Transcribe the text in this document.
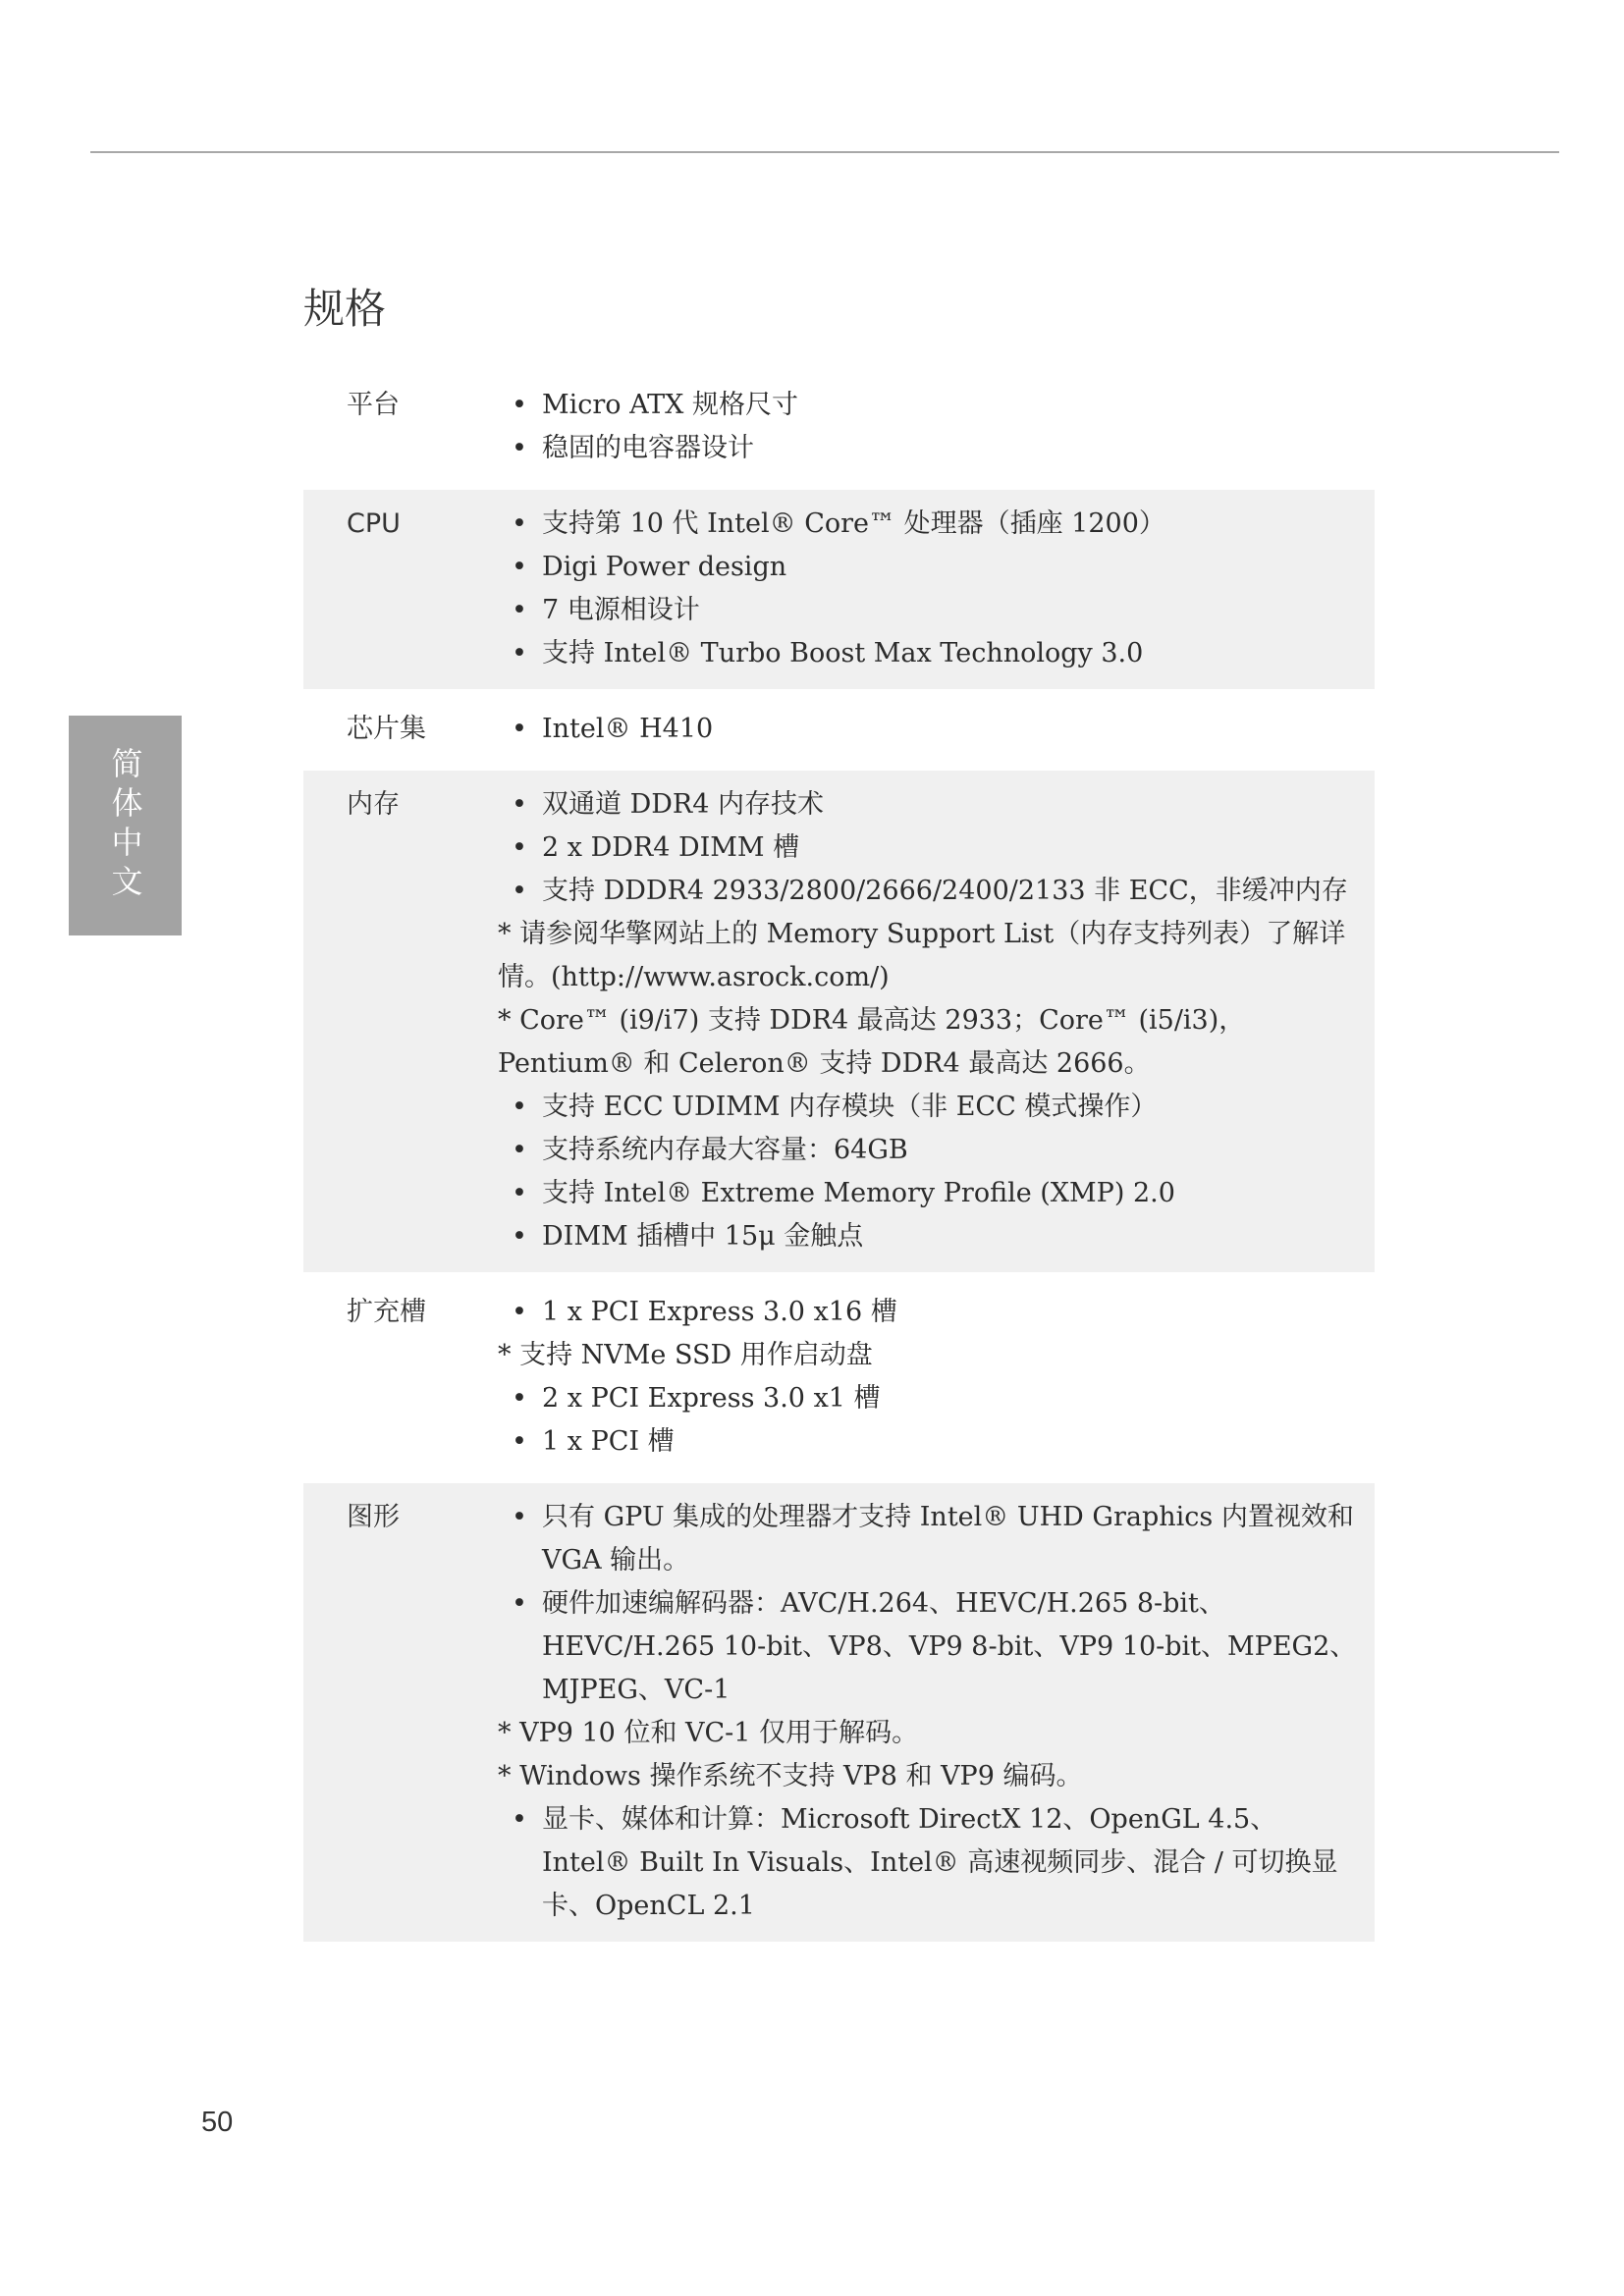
简体中文
规格
平台	• Micro ATX 规格尺寸
• 稳固的电容器设计
CPU	• 支持第 10 代 Intel® Core™ 处理器（插座 1200）
• Digi Power design
• 7 电源相设计
• 支持 Intel® Turbo Boost Max Technology 3.0
芯片集	• Intel® H410
内存	• 双通道 DDR4 内存技术
• 2 x DDR4 DIMM 槽
• 支持 DDDR4 2933/2800/2666/2400/2133 非 ECC，非缓冲内存
* 请参阅华擎网站上的 Memory Support List（内存支持列表）了解详情。(http://www.asrock.com/)
* Core™ (i9/i7) 支持 DDR4 最高达 2933；Core™ (i5/i3)，Pentium® 和 Celeron® 支持 DDR4 最高达 2666。
• 支持 ECC UDIMM 内存模块（非 ECC 模式操作）
• 支持系统内存最大容量：64GB
• 支持 Intel® Extreme Memory Profile (XMP) 2.0
• DIMM 插槽中 15μ 金触点
扩充槽	• 1 x PCI Express 3.0 x16 槽
* 支持 NVMe SSD 用作启动盘
• 2 x PCI Express 3.0 x1 槽
• 1 x PCI 槽
图形	• 只有 GPU 集成的处理器才支持 Intel® UHD Graphics 内置视效和 VGA 输出。
• 硬件加速编解码器：AVC/H.264、HEVC/H.265 8-bit、HEVC/H.265 10-bit、VP8、VP9 8-bit、VP9 10-bit、MPEG2、MJPEG、VC-1
* VP9 10 位和 VC-1 仅用于解码。
* Windows 操作系统不支持 VP8 和 VP9 编码。
• 显卡、媒体和计算：Microsoft DirectX 12、OpenGL 4.5、Intel® Built In Visuals、Intel® 高速视频同步、混合 / 可切换显卡、OpenCL 2.1
50
